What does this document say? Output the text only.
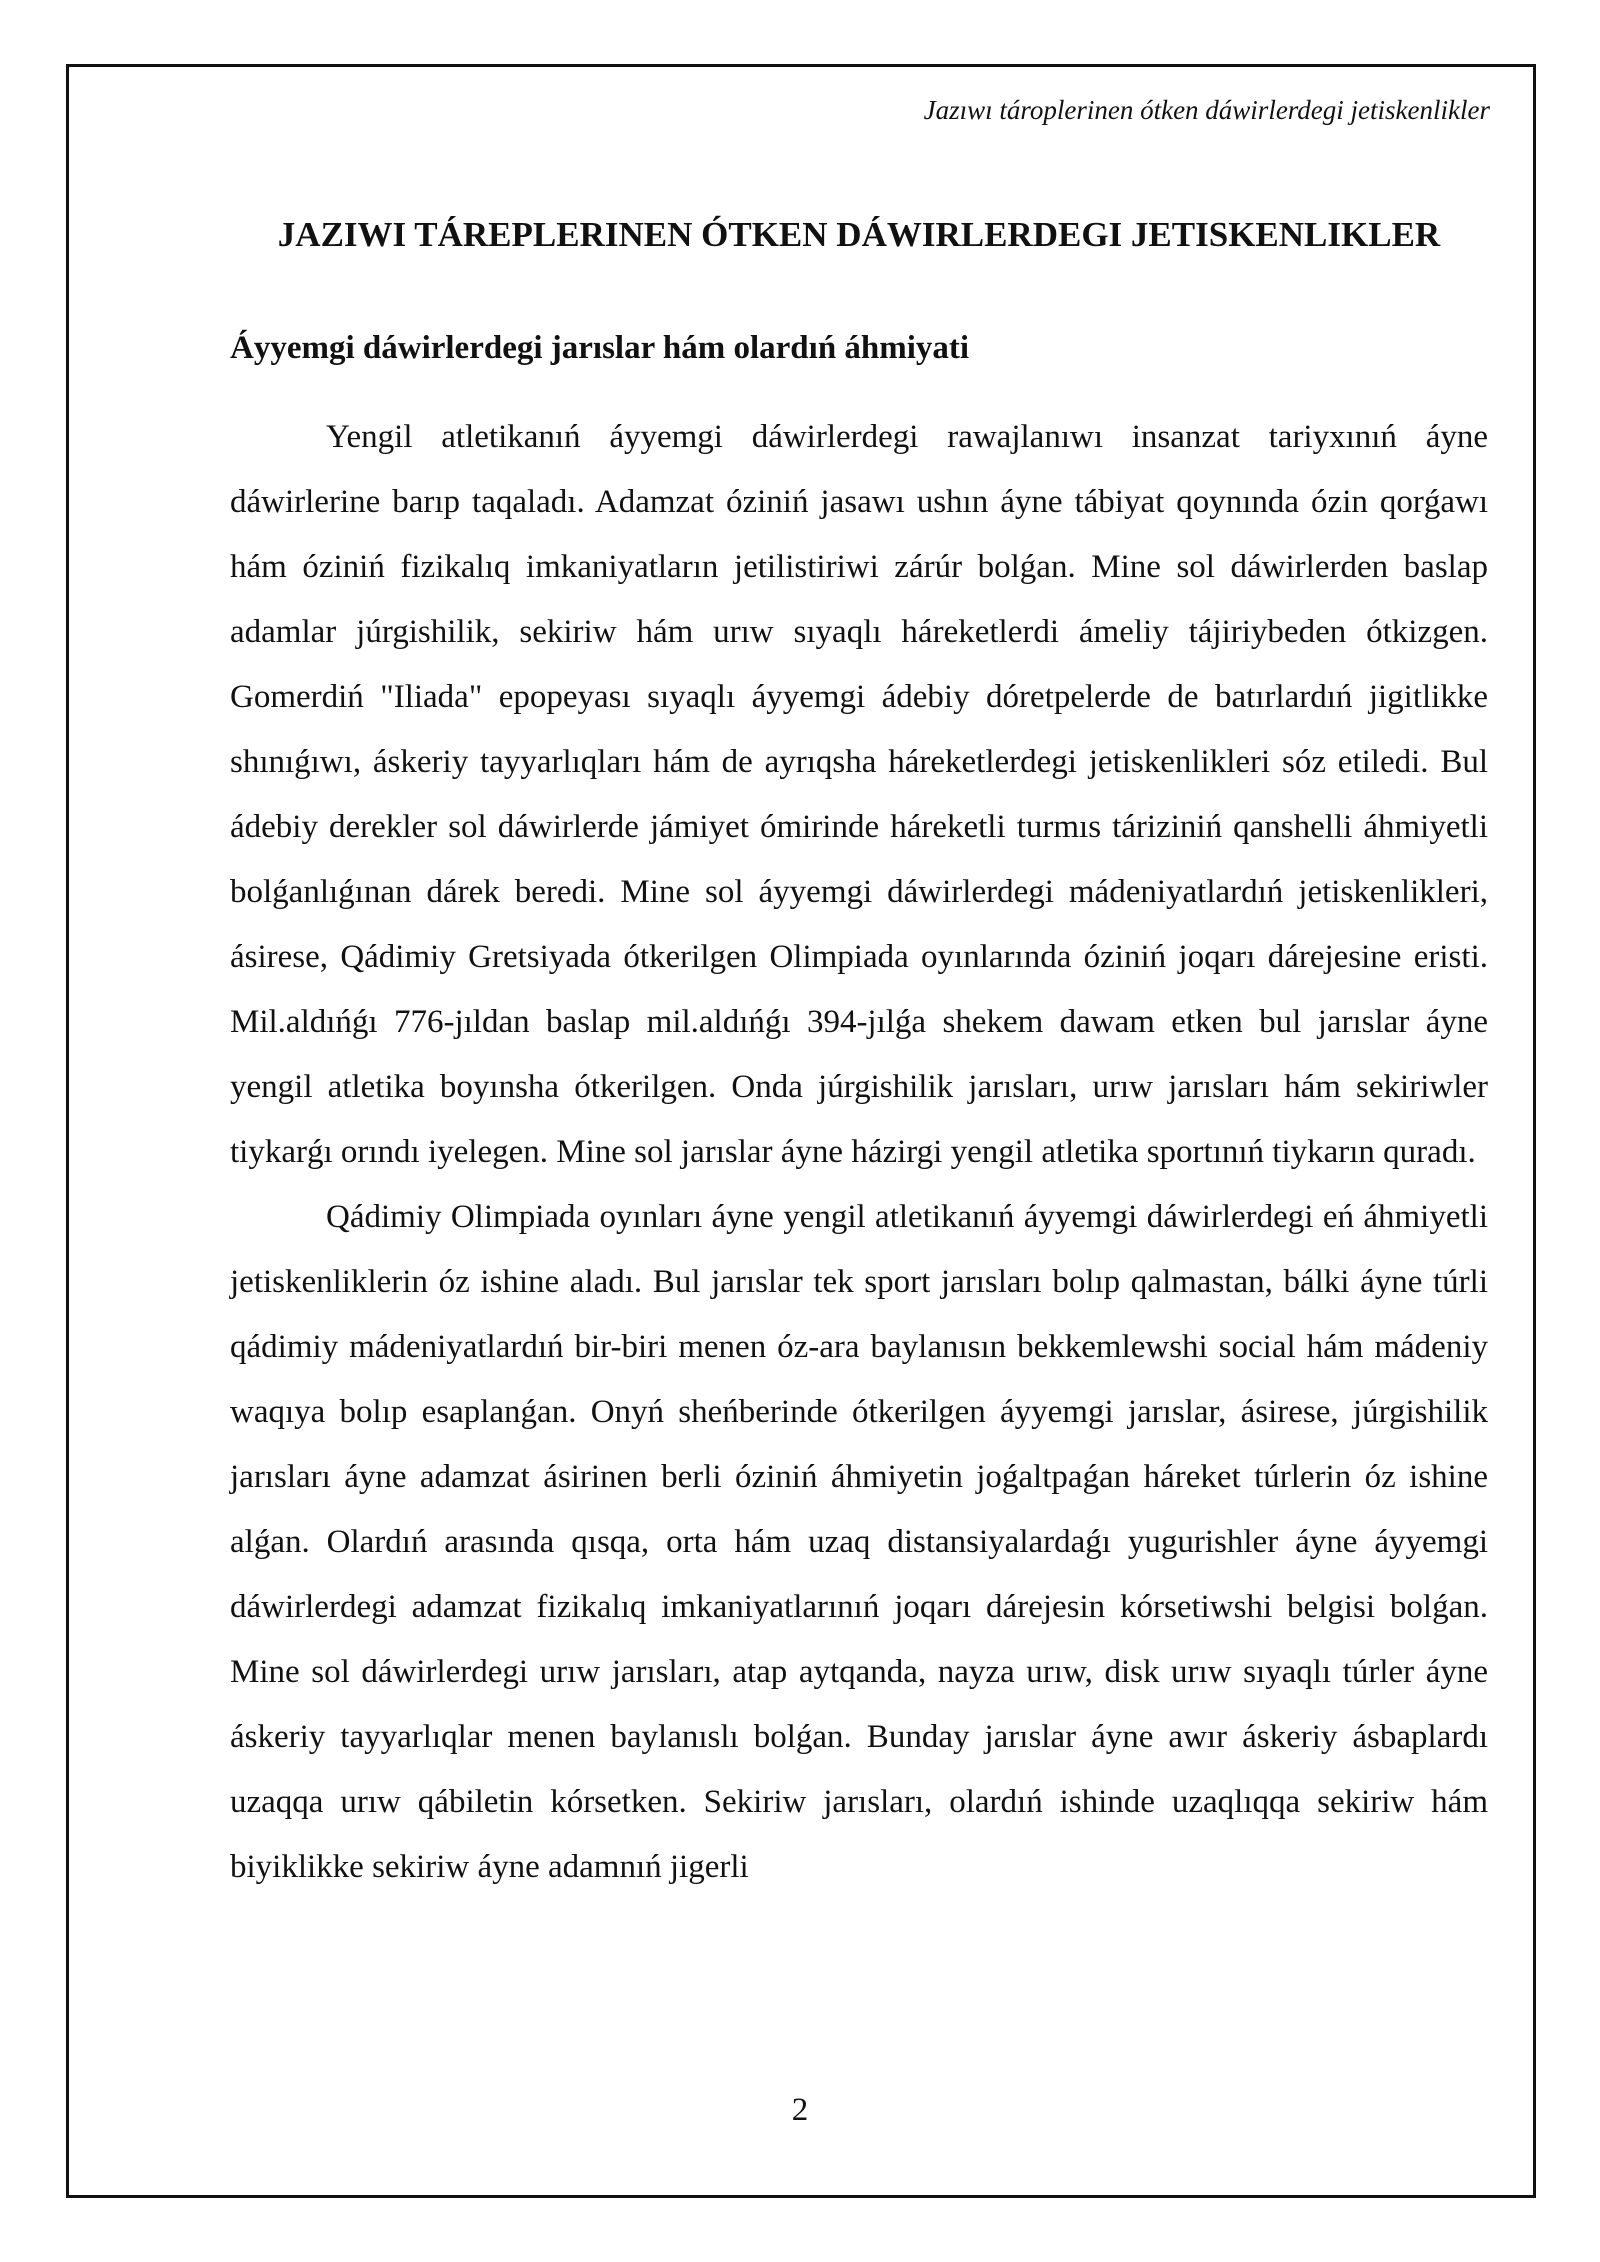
Jazıwı tároplerinen ótken dáwirlerdegi jetiskenlikler
JAZIWI TÁREPLERINEN ÓTKEN DÁWIRLERDEGI JETISKENLIKLER
Áyyemgi dáwirlerdegi jarıslar hám olardıń áhmiyati

Yengil atletikanıń áyyemgi dáwirlerdegi rawajlanıwı insanzat tariyxınıń áyne dáwirlerine barıp taqaladı. Adamzat óziniń jasawı ushın áyne tábiyat qoynında ózin qorǵawı hám óziniń fizikalıq imkaniyatların jetilistiriwi zárúr bolǵan. Mine sol dáwirlerden baslap adamlar júrgishilik, sekiriw hám urıw sıyaqlı háreketlerdi ámeliy tájiriybeden ótkizgen. Gomerdiń "Iliada" epopeyası sıyaqlı áyyemgi ádebiy dóretpelerde de batırlardıń jigitlikke shınıǵıwı, áskeriy tayyarlıqları hám de ayrıqsha háreketlerdegi jetiskenlikleri sóz etiledi. Bul ádebiy derekler sol dáwirlerde jámiyet ómirinde háreketli turmıs táriziniń qanshelli áhmiyetli bolǵanlıǵınan dárek beredi. Mine sol áyyemgi dáwirlerdegi mádeniyatlardıń jetiskenlikleri, ásirese, Qádimiy Gretsiyada ótkerilgen Olimpiada oyınlarında óziniń joqarı dárejesine eristi. Mil.aldıńǵı 776-jıldan baslap mil.aldıńǵı 394-jılǵa shekem dawam etken bul jarıslar áyne yengil atletika boyınsha ótkerilgen. Onda júrgishilik jarısları, urıw jarısları hám sekiriwler tiykarǵı orındı iyelegen. Mine sol jarıslar áyne házirgi yengil atletika sportınıń tiykarın quradı.

Qádimiy Olimpiada oyınları áyne yengil atletikanıń áyyemgi dáwirlerdegi eń áhmiyetli jetiskenliklerin óz ishine aladı. Bul jarıslar tek sport jarısları bolıp qalmastan, bálki áyne túrli qádimiy mádeniyatlardıń bir-biri menen óz-ara baylanısın bekkemlewshi social hám mádeniy waqıya bolıp esaplanǵan. Onyń sheńberinde ótkerilgen áyyemgi jarıslar, ásirese, júrgishilik jarısları áyne adamzat ásirinen berli óziniń áhmiyetin joǵaltpaǵan háreket túrlerin óz ishine alǵan. Olardıń arasında qısqa, orta hám uzaq distansiyalardaǵı yugurishler áyne áyyemgi dáwirlerdegi adamzat fizikalıq imkaniyatlarınıń joqarı dárejesin kórsetiwshi belgisi bolǵan. Mine sol dáwirlerdegi urıw jarısları, atap aytqanda, nayza urıw, disk urıw sıyaqlı túrler áyne áskeriy tayyarlıqlar menen baylanıslı bolǵan. Bunday jarıslar áyne awır áskeriy ásbaplardı uzaqqa urıw qábiletin kórsetken. Sekiriw jarısları, olardıń ishinde uzaqlıqqa sekiriw hám biyiklikke sekiriw áyne adamnıń jigerli

2
